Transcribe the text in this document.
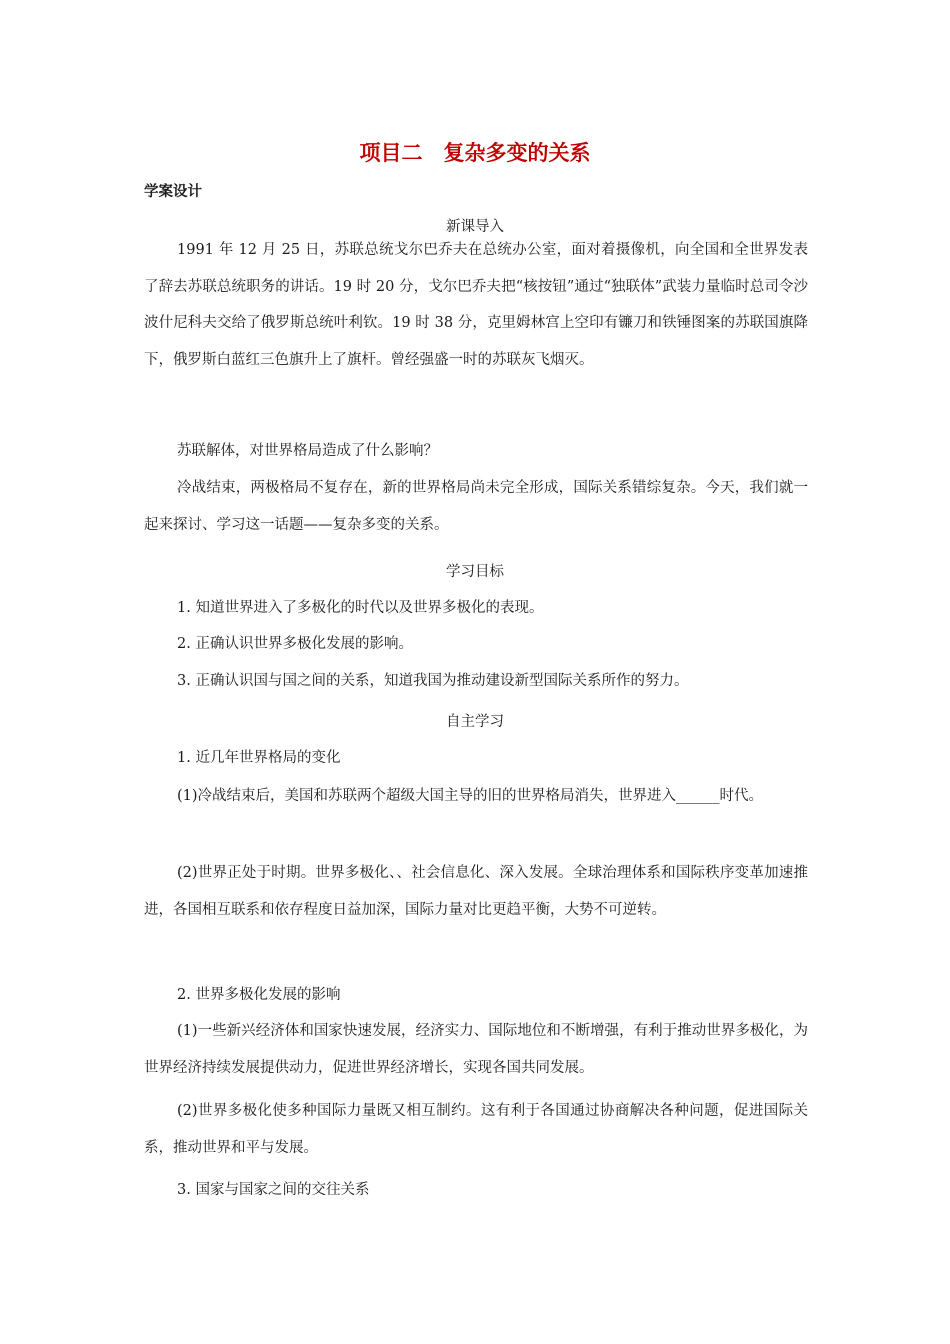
项目二　复杂多变的关系
学案设计
新课导入

1991 年 12 月 25 日，苏联总统戈尔巴乔夫在总统办公室，面对着摄像机，向全国和全世界发表了辞去苏联总统职务的讲话。19 时 20 分，戈尔巴乔夫把“核按钮”通过“独联体”武装力量临时总司令沙波什尼科夫交给了俄罗斯总统叶利钦。19 时 38 分，克里姆林宫上空印有镰刀和铁锤图案的苏联国旗降下，俄罗斯白蓝红三色旗升上了旗杆。曾经强盛一时的苏联灰飞烟灭。

苏联解体，对世界格局造成了什么影响？

冷战结束，两极格局不复存在，新的世界格局尚未完全形成，国际关系错综复杂。今天，我们就一起来探讨、学习这一话题——复杂多变的关系。

学习目标

1. 知道世界进入了多极化的时代以及世界多极化的表现。

2. 正确认识世界多极化发展的影响。

3. 正确认识国与国之间的关系，知道我国为推动建设新型国际关系所作的努力。

自主学习

1. 近几年世界格局的变化

(1)冷战结束后，美国和苏联两个超级大国主导的旧的世界格局消失，世界进入______时代。

(2)世界正处于时期。世界多极化、、社会信息化、深入发展。全球治理体系和国际秩序变革加速推进，各国相互联系和依存程度日益加深，国际力量对比更趋平衡，大势不可逆转。

2. 世界多极化发展的影响

(1)一些新兴经济体和国家快速发展，经济实力、国际地位和不断增强，有利于推动世界多极化，为世界经济持续发展提供动力，促进世界经济增长，实现各国共同发展。

(2)世界多极化使多种国际力量既又相互制约。这有利于各国通过协商解决各种问题，促进国际关系，推动世界和平与发展。

3. 国家与国家之间的交往关系
